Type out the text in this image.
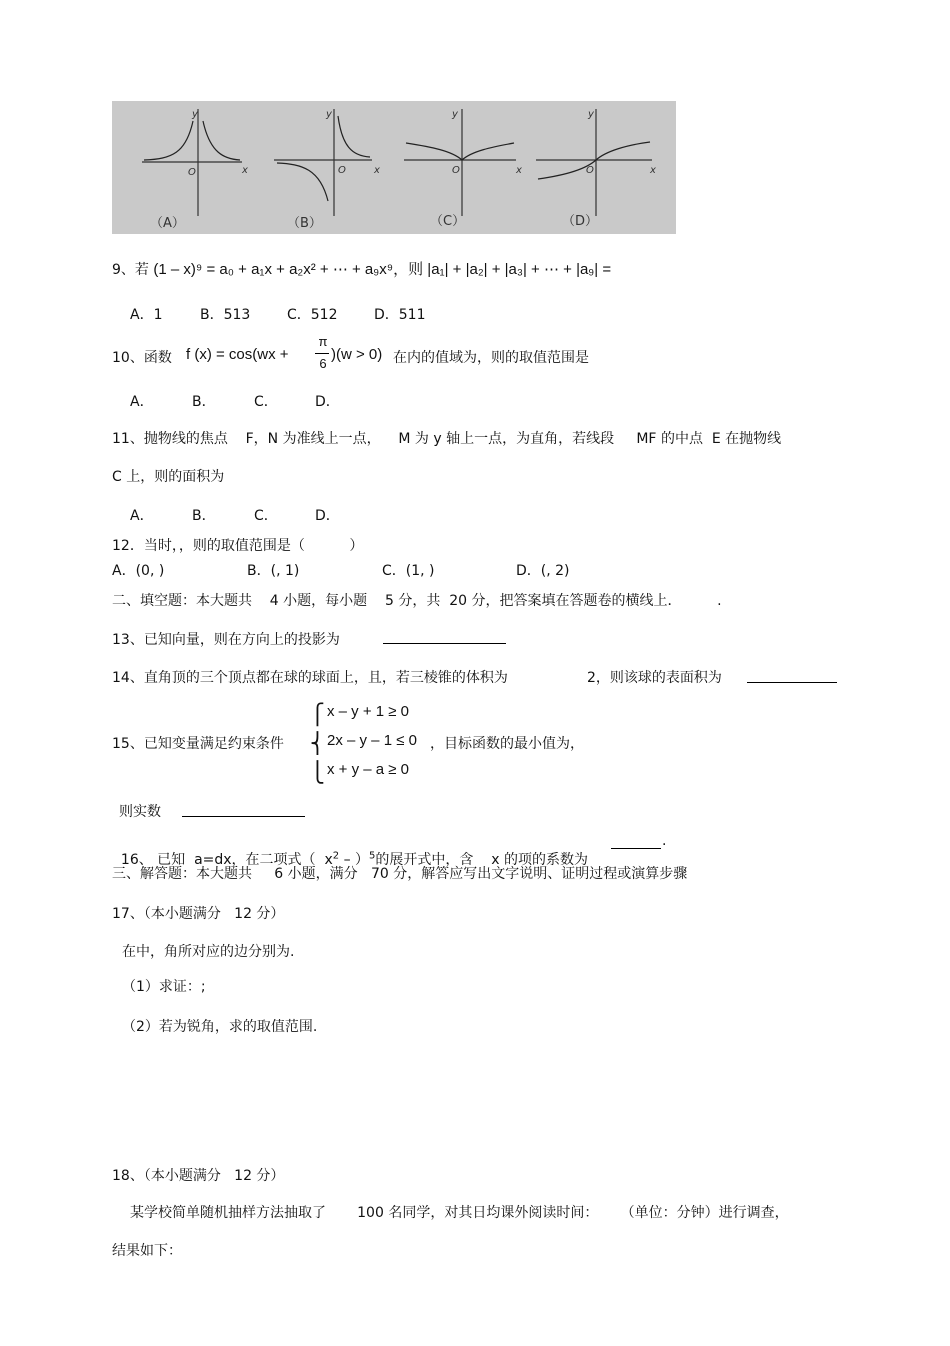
y
x
O
（A）
y
x
O
（B）
y
x
O
（C）
y
x
O
（D）
9、若 (1 – x)⁹ = a₀ + a₁x + a₂x² + ⋯ + a₉x⁹，则 |a₁| + |a₂| + |a₃| + ⋯ + |a₉| =
A．1	B．513	C．512	D．511
10、函数 f (x) = cos(wx +
π
6
)(w > 0) 在内的值域为，则的取值范围是
A．	B．	C．	D．
11、抛物线的焦点    F，N 为准线上一点，    M 为 y 轴上一点，为直角，若线段     MF 的中点  E 在抛物线
C 上，则的面积为
A．	B．	C．	D．
12．当时，，则的取值范围是（          ）
A．(0, )	B．(, 1)	C．(1, )	D．(, 2)
二、填空题：本大题共    4 小题，每小题    5 分，共  20 分，把答案填在答题卷的横线上．        .
13、已知向量，则在方向上的投影为
14、直角顶的三个顶点都在球的球面上，且，若三棱锥的体积为	2，则该球的表面积为
15、已知变量满足约束条件
⎧
⎨
⎩
x – y + 1 ≥ 0
2x – y – 1 ≤ 0
x + y – a ≥ 0
，目标函数的最小值为，
则实数

16、 已知  a=dx，在二项式（  $x^2 - )^5$的展开式中，含    x 的项的系数为

.
三、解答题：本大题共     6 小题，满分   70 分，解答应写出文字说明、证明过程或演算步骤
17、（本小题满分   12 分）
在中，角所对应的边分别为.
（1）求证：;
（2）若为锐角，求的取值范围.
18、（本小题满分   12 分）
某学校简单随机抽样方法抽取了       100 名同学，对其日均课外阅读时间：     （单位：分钟）进行调查，
结果如下：
